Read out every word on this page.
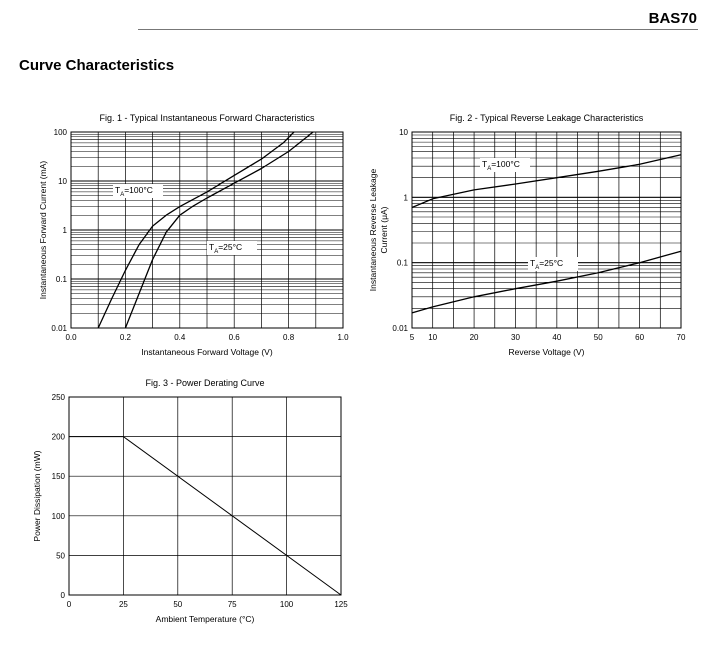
BAS70
Curve Characteristics
0.0	0.2	0.4	0.6	0.8	1.0
0.01
0.1
1
10
100
Fig. 1 - Typical Instantaneous Forward Characteristics
Instantaneous Forward Voltage (V)
Instantaneous Forward Current (mA)	$T_A=100^\circ C$
$T_A=25^\circ C$
5 10	20	30	40	50	60	70
0.01
0.1
1
10
Fig. 2 - Typical Reverse Leakage Characteristics
Reverse Voltage (V)
Instantaneous Reverse Leakage Current (μA)
$T_A=100^\circ C$
$T_A=25^\circ C$
0	25	50	75	100	125
0
50
100
150
200
250
Fig. 3 - Power Derating Curve
Ambient Temperature (°C)
Power Dissipation (mW)
